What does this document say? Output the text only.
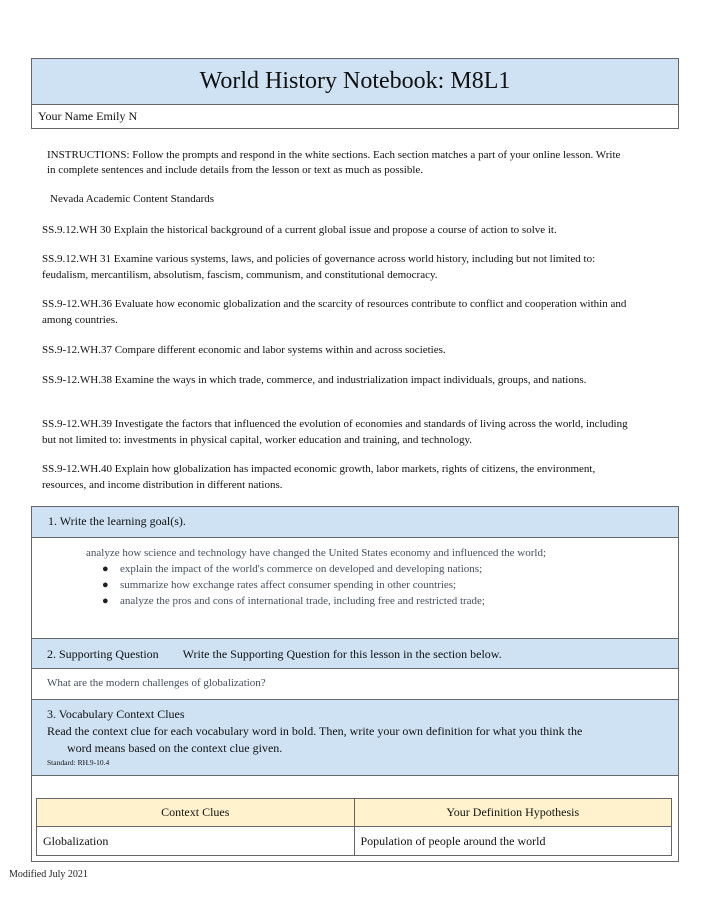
World History Notebook: M8L1
Your Name Emily N
INSTRUCTIONS: Follow the prompts and respond in the white sections. Each section matches a part of your online lesson. Write in complete sentences and include details from the lesson or text as much as possible.
Nevada Academic Content Standards
SS.9.12.WH 30 Explain the historical background of a current global issue and propose a course of action to solve it.
SS.9.12.WH 31 Examine various systems, laws, and policies of governance across world history, including but not limited to: feudalism, mercantilism, absolutism, fascism, communism, and constitutional democracy.
SS.9-12.WH.36 Evaluate how economic globalization and the scarcity of resources contribute to conflict and cooperation within and among countries.
SS.9-12.WH.37 Compare different economic and labor systems within and across societies.
SS.9-12.WH.38 Examine the ways in which trade, commerce, and industrialization impact individuals, groups, and nations.
SS.9-12.WH.39 Investigate the factors that influenced the evolution of economies and standards of living across the world, including but not limited to: investments in physical capital, worker education and training, and technology.
SS.9-12.WH.40 Explain how globalization has impacted economic growth, labor markets, rights of citizens, the environment, resources, and income distribution in different nations.
1. Write the learning goal(s).
analyze how science and technology have changed the United States economy and influenced the world;
● explain the impact of the world's commerce on developed and developing nations;
● summarize how exchange rates affect consumer spending in other countries;
● analyze the pros and cons of international trade, including free and restricted trade;
2. Supporting Question Write the Supporting Question for this lesson in the section below.
What are the modern challenges of globalization?
3. Vocabulary Context Clues
Read the context clue for each vocabulary word in bold. Then, write your own definition for what you think the
word means based on the context clue given.
Standard: RH.9-10.4
Context Clues	Your Definition Hypothesis
Globalization	Population of people around the world
Modified July 2021
